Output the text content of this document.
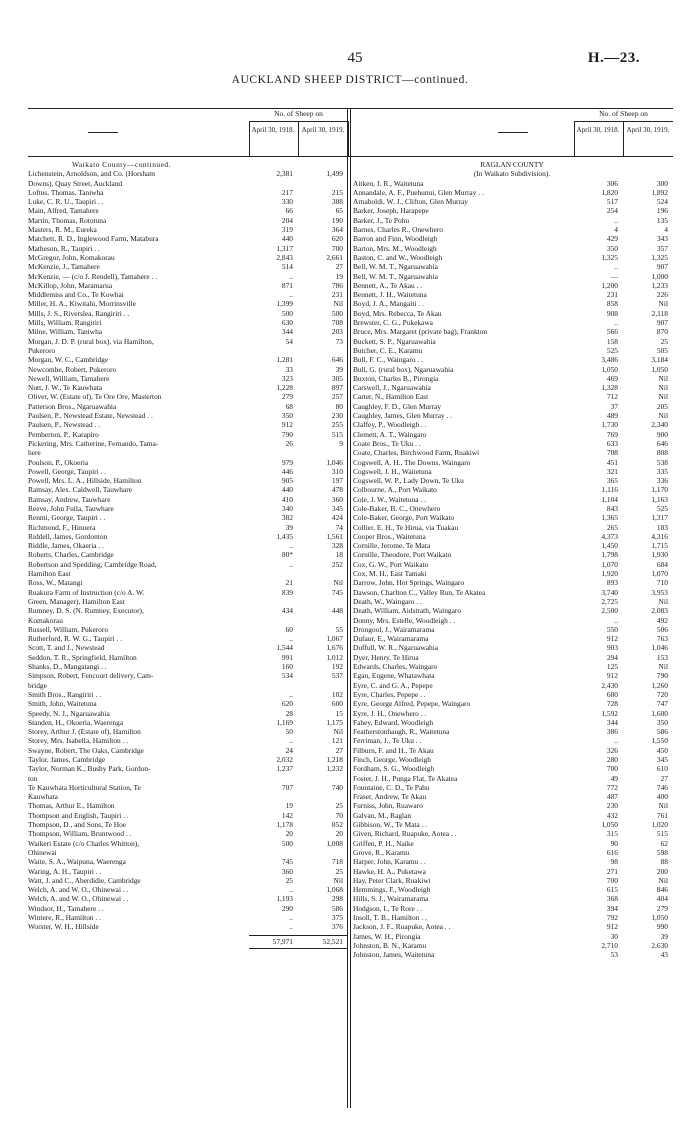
45	H.—23.
AUCKLAND SHEEP DISTRICT—continued.
No. of Sheep on
April 30, 1918.	April 30, 1919.
Waikato County—continued.
Lichenstein, Arnoldson, and Co. (Horsham	2,381	1,499
Downs), Quay Street, Auckland
Loftus, Thomas, Taniwha	217	215
Luke, C. R. U., Taupiri . .	330	308
Main, Alfred, Tamahere	66	65
Martin, Thomas, Rototuna	204	190
Masters, R. M., Eureka	319	364
Matchett, R. D., Inglewood Farm, Matabura	440	620
Matheson, R., Taupiri . .	1,317	700
McGregor, John, Komakorau	2,843	2,661
McKenzie, J., Tamahere	514	27
McKenzie, — (c/o J. Rendell), Tamahere . .	..	19
McKillop, John, Maramarua	871	786
Middlemiss and Co., Te Kowhai	..	231
Miller, H. A., Kiwitahi, Morrinsville	1,399	Nil
Mills, J. S., Riverslea, Rangiriri . .	500	500
Mills, William, Rangiriri	630	708
Milne, William, Taniwha	344	203
Morgan, J. D. P. (rural box), via Hamilton,	54	73
Pukeroro
Morgan, W. C., Cambridge	1,281	646
Newcombe, Robert, Pukeroro	33	39
Newell, William, Tamahere	323	305
Nutt, J. W., Te Kauwhata	1,228	897
Oliver, W. (Estate of), Te Ore Ore, Masterton	279	257
Patterson Bros., Ngaruawahia	68	80
Paulsen, P., Newstead Estate, Newstead . .	350	230
Paulsen, P., Newstead . .	912	255
Pemberton, P., Karapiro	790	515
Pickering, Mrs. Catherine, Fernando, Tama-	26	9
here
Poulson, P., Okoeria	979	1,046
Powell, George, Taupiri . .	446	310
Powell, Mrs. L. A., Hillside, Hamilton	905	197
Ramsay, Alex. Caldwell, Tauwhare	440	478
Ramsay, Andrew, Tauwhare	410	360
Reeve, John Fuila, Tauwhare	340	345
Renmi, George, Taupiri . .	382	424
Richmond, F., Hinuera	39	74
Riddell, James, Gordonton	1,435	1,561
Riddle, James, Okaeria . .	..	328
Roberts, Charles, Cambridge	80*	18
Robertson and Spedding, Cambridge Road,	..	252
Hamilton East
Ross, W., Matangi	21	Nil
Ruakura Farm of Instruction (c/o A. W.	839	745
Green, Manager), Hamilton East
Rumney, D. S. (N. Rumney, Executor),	434	448
Komakorau
Russell, William, Pukeroro	60	55
Rutherford, R. W. G., Taupiri . .	..	1,067
Scott, T. and J., Newstead	1,544	1,676
Seddon, T. R., Springfield, Hamilton	991	1,012
Shanks, D., Mangatangi . .	160	192
Simpson, Robert, Fencourt delivery, Cam-	534	537
bridge
Smith Bros., Rangiriri . .	..	102
Smith, John, Waitetuna	620	600
Speedy, N. J., Ngaruawahia	28	15
Standen, H., Okoeria, Waerenga	1,169	1,175
Storey, Arthur J. (Estate of), Hamilton	50	Nil
Storey, Mrs. Isabella, Hamilton . .	..	121
Swayne, Robert, The Oaks, Cambridge	24	27
Taylor, James, Cambridge	2,032	1,218
Taylor, Norman K., Bushy Park, Gordon-	1,237	1,232
ton
Te Kauwhata Horticultural Station, Te	707	740
Kauwhata
Thomas, Arthur E., Hamilton	19	25
Thompson and English, Taupiri . .	142	70
Thompson, D., and Sons, Te Hoe	1,178	852
Thompson, William, Bruntwood . .	20	20
Waikeri Estate (c/o Charles Whitton),	500	1,008
Ohinewai
Waite, S. A., Waipuna, Waerenga	745	718
Waring, A. H., Taupiri . .	360	25
Watt, J. and C., Aberdidie, Cambridge	25	Nil
Welch, A. and W. O., Ohinewai . .	..	1,068
Welch, A. and W. O., Ohinewai . .	1,193	298
Windsor, H., Tamahere . .	290	586
Wintere, R., Hamilton . .	..	375
Worster, W. H., Hillside	..	376
57,971	52,521
No. of Sheep on
April 30, 1918.	April 30, 1919.
RAGLAN COUNTY
(In Waikato Subdivision).
Aitken, J. R., Waitetuna	306	300
Annandale, A. F., Puehunui, Glen Murray . .	1,820	1,892
Arnaboldi, W. J., Clifton, Glen Murray	517	524
Barker, Joseph, Harapepe	254	196
Barker, J., Te Pohu	..	135
Barnes, Charles R., Onewhero	4	4
Barron and Finn, Woodleigh	429	343
Barton, Mrs. M., Woodleigh	350	357
Baston, C. and W., Woodleigh	1,325	1,325
Bell, W. M. T., Ngaruawahia	..	907
Bell, W. M. T., Ngaruawahia	—	1,000
Bennett, A., Te Akau . .	1,200	1,233
Bennett, J. H., Waitetuna	231	226
Boyd, J. A., Mangaiti . .	858	Nil
Boyd, Mrs. Rebecca, Te Akau	908	2,118
Brewster, C. G., Pukekawa	..	907
Bruce, Mrs. Margaret (private bag), Frankton	566	870
Buckett, S. P., Ngaruawahia	158	25
Butcher, C. E., Karamu	525	505
Bull, F. C., Waingaro . .	3,486	3,184
Bull, G. (rural box), Ngaruawahia	1,050	1,050
Buxton, Charles B., Pirongia	469	Nil
Carswell, J., Ngaruawahia	1,328	Nil
Carter, N., Hamilton East	712	Nil
Caughley, F. D., Glen Murray	37	205
Caughley, James, Glen Murray . .	489	Nil
Claffey, P., Woodleigh . .	1,730	2,340
Clemett, A. T., Waingaro	769	900
Coate Bros., Te Uku . .	633	646
Coate, Charles, Birchwood Farm, Ruakiwi	708	808
Cogswell, A. H., The Downs, Waingaro	451	538
Cogswell, J. H., Waitetuna	321	335
Cogswell, W. P., Lady Down, Te Uku	365	336
Colbourne, A., Port Waikato	1,116	1,170
Cole, J. W., Waitetuna . .	1,104	1,163
Cole-Baker, B. C., Onewhero	843	525
Cole-Baker, George, Port Waikato	1,365	1,317
Collier, E. H., Te Hirua, via Tuakau	265	183
Cooper Bros., Waitetuna	4,373	4,316
Cornille, Jerome, Te Mata	1,450	1,715
Cornille, Theodore, Port Waikato	1,798	1,930
Cox, G. W., Port Waikato	1,070	684
Cox, M. H., East Tamaki	1,920	1,070
Darrow, John, Hot Springs, Waingaro	893	710
Dawson, Charlton C., Valley Run, Te Akatea	3,740	3,953
Death, W., Waingaro . .	2,725	Nil
Death, William, Aidstrath, Waingaro	2,500	2,083
Donny, Mrs. Estelle, Woodleigh . .	..	492
Drongool, J., Wairamarama	550	506
Dufaur, E., Wairamarama	912	763
Duffull, W. R., Ngaruawahia	903	1,046
Dyer, Henry, Te Hirua	294	153
Edwards, Charles, Waingaro	125	Nil
Egan, Eugene, Whatawhata	912	790
Eyre, C. and G. A., Pepepe	2,430	1,260
Eyre, Charles, Pepepe . .	680	720
Eyre, George Alfred, Pepepe, Waingaro	728	747
Eyre, J. H., Onewhero . .	1,592	1,600
Fahey, Edward, Woodleigh	344	350
Featherstonhaugh, R., Waitetuna	386	586
Ferriman, J., Te Uku . .	..	1,550
Filburn, F. and H., Te Akau	326	450
Finch, George, Woodleigh	280	345
Fordham, S. G., Woodleigh	700	610
Foster, J. H., Punga Flat, Te Akatea	49	27
Fountaine, C. D., Te Pahu	772	746
Fraser, Andrew, Te Akau	487	400
Furniss, John, Ruawaro	230	Nil
Galvan, M., Raglan	432	761
Gibbison, W., Te Mata . .	1,050	1,020
Given, Richard, Ruapuke, Aotea . .	315	515
Griffen, P. H., Naike	90	62
Grove, R., Karamu	616	598
Harper, John, Karamu . .	98	88
Hawke, H. A., Puketawa	271	200
Hay, Peter Clark, Ruakiwi	700	Nil
Hemmings, F., Woodleigh	615	846
Hills, S. J., Wairamarama	368	404
Hodgson, I., Te Rore . .	394	279
Insoll, T. B., Hamilton . .	792	1,050
Jackson, J. F., Ruapuke, Aotea . .	912	990
James, W. H., Pirongia	30	39
Johnston, B. N., Karamu	2,710	2,630
Johnston, James, Waitetuna	53	43
